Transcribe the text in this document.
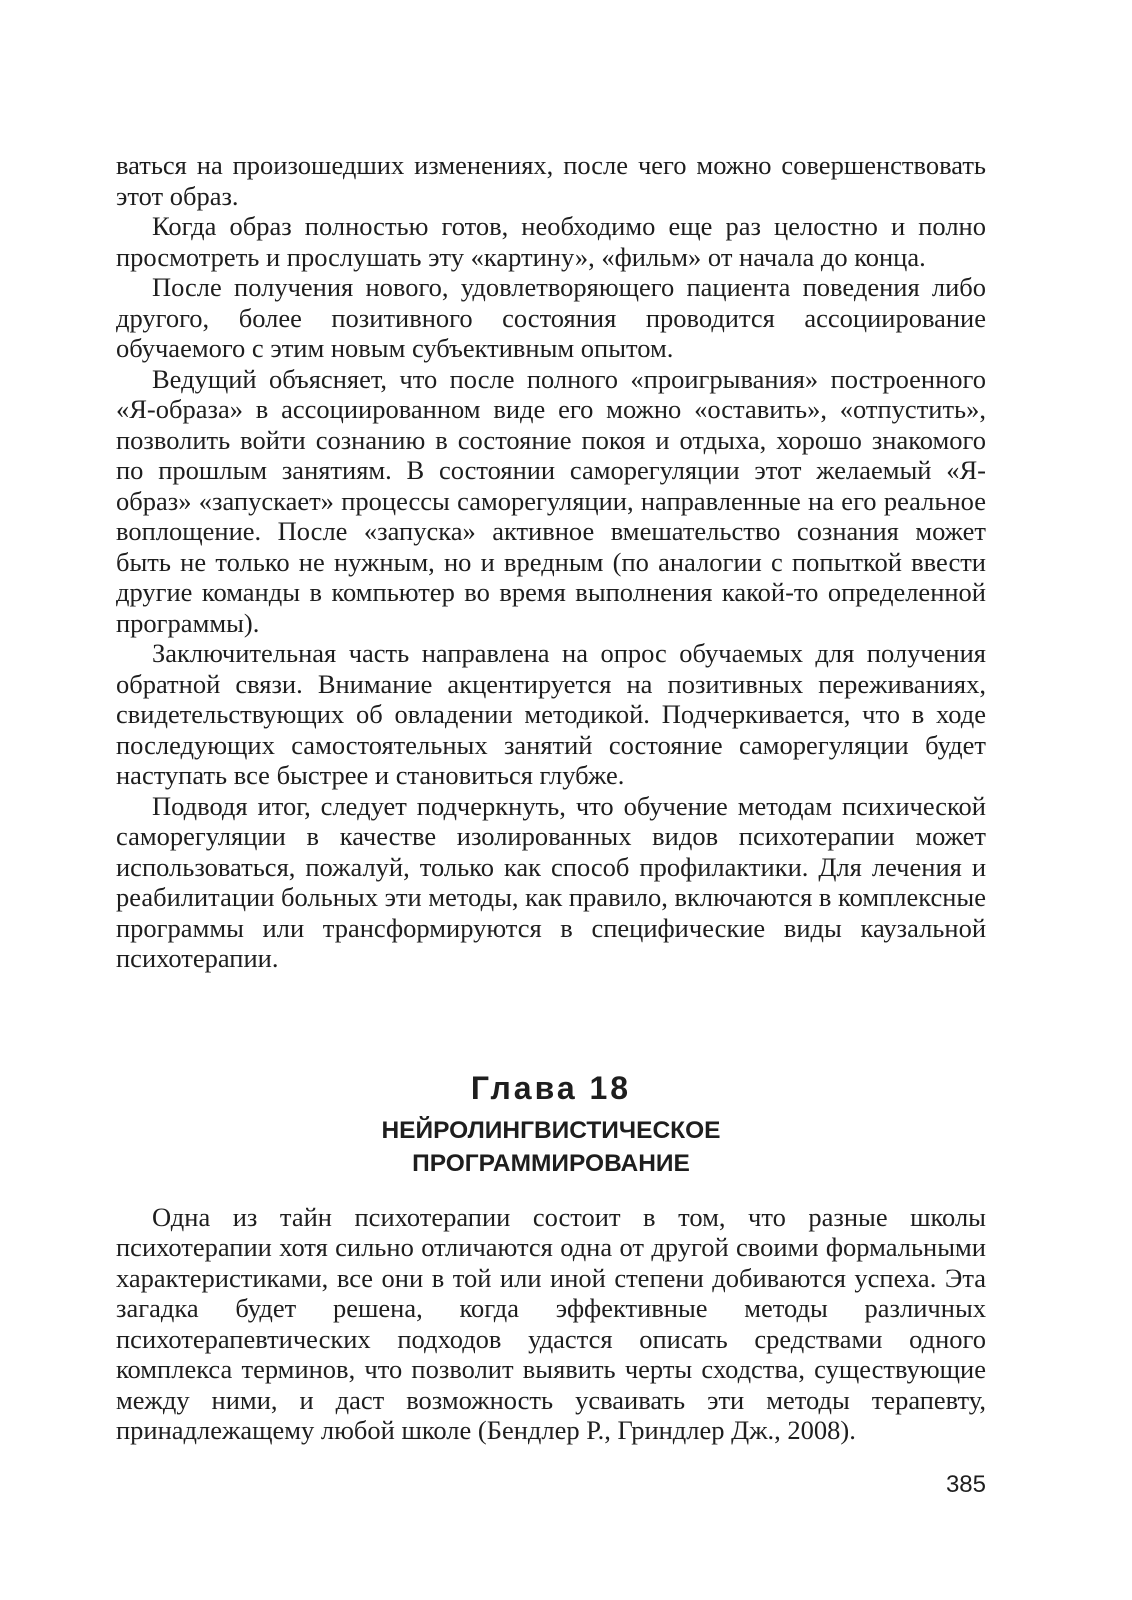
ваться на произошедших изменениях, после чего можно совершенствовать этот образ.

Когда образ полностью готов, необходимо еще раз целостно и полно просмотреть и прослушать эту «картину», «фильм» от начала до конца.

После получения нового, удовлетворяющего пациента поведения либо другого, более позитивного состояния проводится ассоциирование обучаемого с этим новым субъективным опытом.

Ведущий объясняет, что после полного «проигрывания» построенного «Я-образа» в ассоциированном виде его можно «оставить», «отпустить», позволить войти сознанию в состояние покоя и отдыха, хорошо знакомого по прошлым занятиям. В состоянии саморегуляции этот желаемый «Я-образ» «запускает» процессы саморегуляции, направленные на его реальное воплощение. После «запуска» активное вмешательство сознания может быть не только не нужным, но и вредным (по аналогии с попыткой ввести другие команды в компьютер во время выполнения какой-то определенной программы).

Заключительная часть направлена на опрос обучаемых для получения обратной связи. Внимание акцентируется на позитивных переживаниях, свидетельствующих об овладении методикой. Подчеркивается, что в ходе последующих самостоятельных занятий состояние саморегуляции будет наступать все быстрее и становиться глубже.

Подводя итог, следует подчеркнуть, что обучение методам психической саморегуляции в качестве изолированных видов психотерапии может использоваться, пожалуй, только как способ профилактики. Для лечения и реабилитации больных эти методы, как правило, включаются в комплексные программы или трансформируются в специфические виды каузальной психотерапии.

Глава 18
НЕЙРОЛИНГВИСТИЧЕСКОЕ
ПРОГРАММИРОВАНИЕ

Одна из тайн психотерапии состоит в том, что разные школы психотерапии хотя сильно отличаются одна от другой своими формальными характеристиками, все они в той или иной степени добиваются успеха. Эта загадка будет решена, когда эффективные методы различных психотерапевтических подходов удастся описать средствами одного комплекса терминов, что позволит выявить черты сходства, существующие между ними, и даст возможность усваивать эти методы терапевту, принадлежащему любой школе (Бендлер Р., Гриндлер Дж., 2008).

385
